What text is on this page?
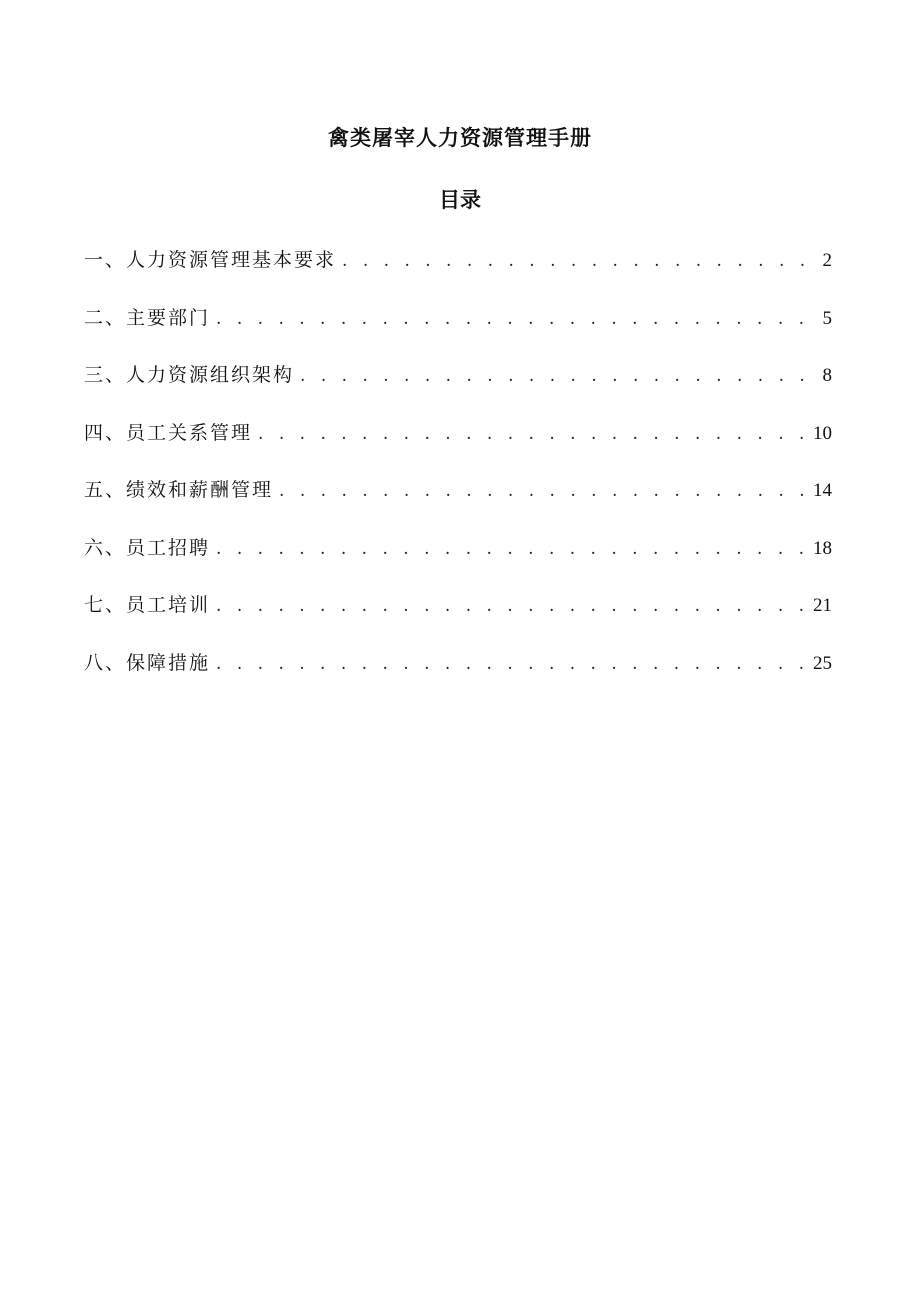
禽类屠宰人力资源管理手册
目录
一、人力资源管理基本要求 . . .	2
二、主要部门 . . .	5
三、人力资源组织架构 . . .	8
四、员工关系管理 . . .	10
五、绩效和薪酬管理 . . .	14
六、员工招聘 . . .	18
七、员工培训 . . .	21
八、保障措施 . . .	25
